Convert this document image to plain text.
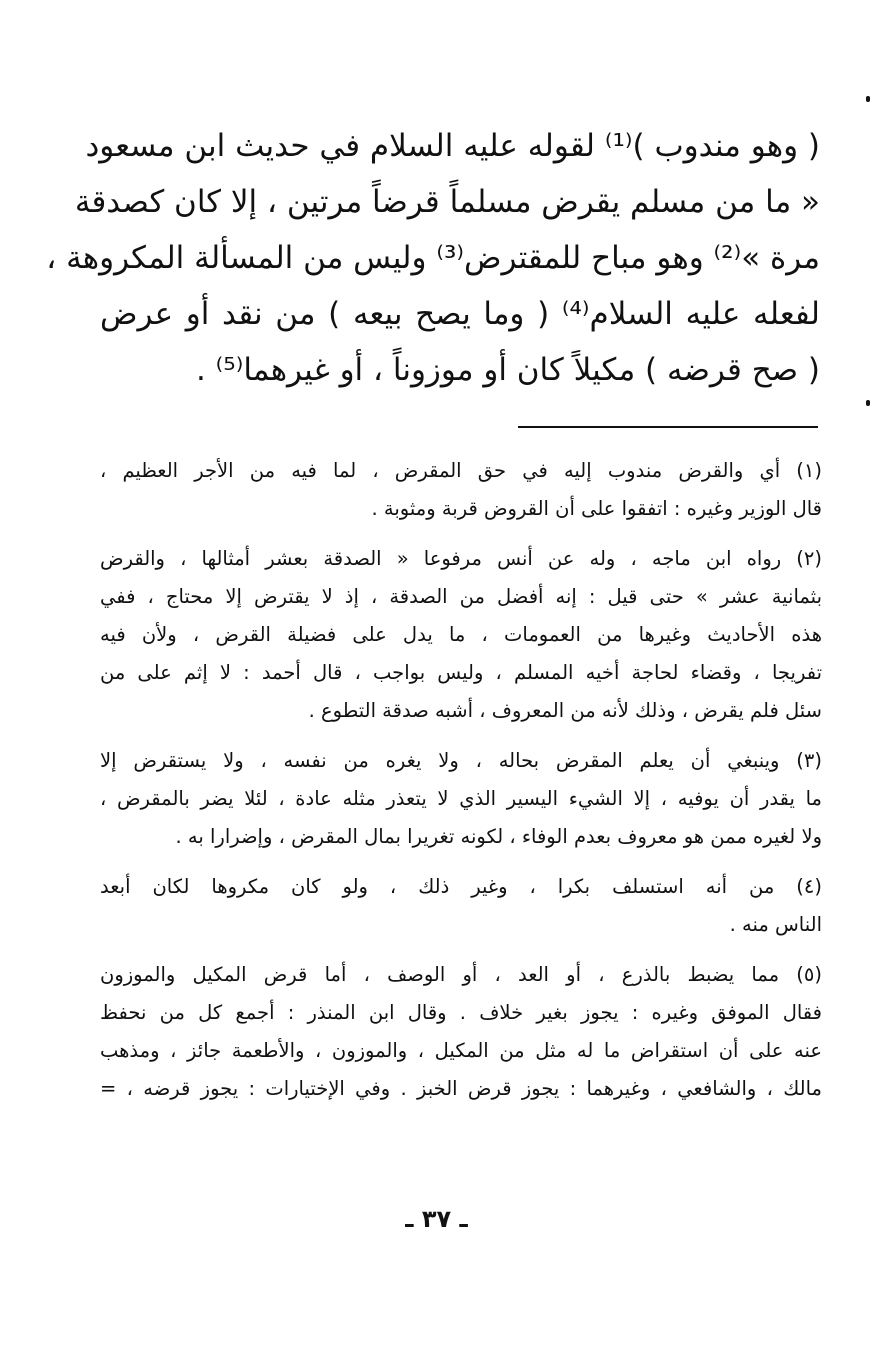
( وهو مندوب )⁽¹⁾ لقوله عليه السلام في حديث ابن مسعود
« ما من مسلم يقرض مسلماً قرضاً مرتين ، إلا كان كصدقة
مرة »⁽²⁾ وهو مباح للمقترض⁽³⁾ وليس من المسألة المكروهة ،
لفعله عليه السلام⁽⁴⁾ ( وما يصح بيعه ) من نقد أو عرض
( صح قرضه ) مكيلاً كان أو موزوناً ، أو غيرهما⁽⁵⁾ .
(١) أي والقرض مندوب إليه في حق المقرض ، لما فيه من الأجر العظيم ،
قال الوزير وغيره : اتفقوا على أن القروض قربة ومثوبة .
(٢) رواه ابن ماجه ، وله عن أنس مرفوعا « الصدقة بعشر أمثالها ، والقرض
بثمانية عشر » حتى قيل : إنه أفضل من الصدقة ، إذ لا يقترض إلا محتاج ، ففي
هذه الأحاديث وغيرها من العمومات ، ما يدل على فضيلة القرض ، ولأن فيه
تفريجا ، وقضاء لحاجة أخيه المسلم ، وليس بواجب ، قال أحمد : لا إثم على من
سئل فلم يقرض ، وذلك لأنه من المعروف ، أشبه صدقة التطوع .
(٣) وينبغي أن يعلم المقرض بحاله ، ولا يغره من نفسه ، ولا يستقرض إلا
ما يقدر أن يوفيه ، إلا الشيء اليسير الذي لا يتعذر مثله عادة ، لئلا يضر بالمقرض ،
ولا لغيره ممن هو معروف بعدم الوفاء ، لكونه تغريرا بمال المقرض ، وإضرارا به .
(٤) من أنه استسلف بكرا ، وغير ذلك ، ولو كان مكروها لكان أبعد
الناس منه .
(٥) مما يضبط بالذرع ، أو العد ، أو الوصف ، أما قرض المكيل والموزون
فقال الموفق وغيره : يجوز بغير خلاف . وقال ابن المنذر : أجمع كل من نحفظ
عنه على أن استقراض ما له مثل من المكيل ، والموزون ، والأطعمة جائز ، ومذهب
مالك ، والشافعي ، وغيرهما : يجوز قرض الخبز . وفي الإختيارات : يجوز قرضه ، =
ـ ٣٧ ـ
